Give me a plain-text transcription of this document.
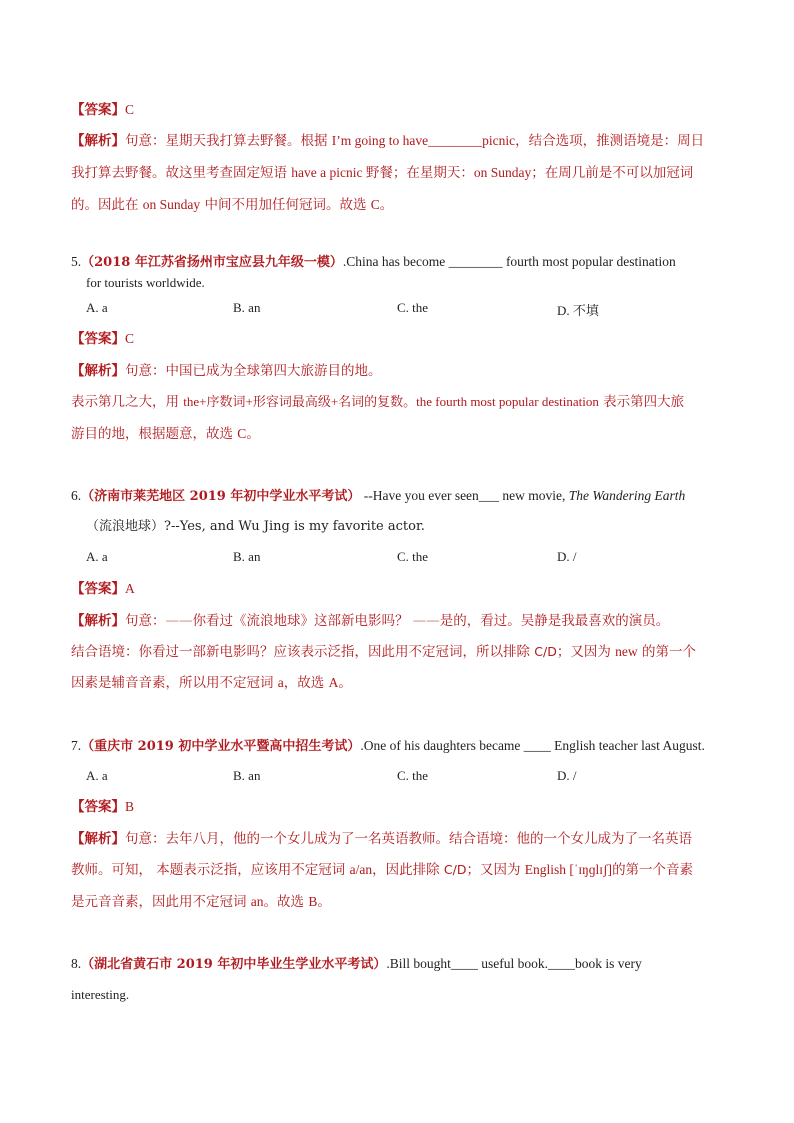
【答案】C
【解析】句意：星期天我打算去野餐。根据 I’m going to have________picnic，结合选项，推测语境是：周日
我打算去野餐。故这里考查固定短语 have a picnic 野餐；在星期天：on Sunday；在周几前是不可以加冠词
的。因此在 on Sunday 中间不用加任何冠词。故选 C。
5.（2018 年江苏省扬州市宝应县九年级一模）.China has become ________ fourth most popular destination
for tourists worldwide.
A. a	B. an	C. the	D. 不填
【答案】C
【解析】句意：中国已成为全球第四大旅游目的地。
表示第几之大，用 the+序数词+形容词最高级+名词的复数。the fourth most popular destination 表示第四大旅
游目的地，根据题意，故选 C。
6.（济南市莱芜地区 2019 年初中学业水平考试） --Have you ever seen___ new movie, The Wandering Earth
（流浪地球）?--Yes, and Wu Jing is my favorite actor.
A. a	B. an	C. the	D. /
【答案】A
【解析】句意：——你看过《流浪地球》这部新电影吗？ ——是的，看过。吴静是我最喜欢的演员。
结合语境：你看过一部新电影吗？应该表示泛指，因此用不定冠词，所以排除 C/D；又因为 new 的第一个
因素是辅音音素，所以用不定冠词 a，故选 A。
7.（重庆市 2019 初中学业水平暨高中招生考试）.One of his daughters became ____ English teacher last August.
A. a	B. an	C. the	D. /
【答案】B
【解析】句意：去年八月，他的一个女儿成为了一名英语教师。结合语境：他的一个女儿成为了一名英语
教师。可知， 本题表示泛指，应该用不定冠词 a/an，因此排除 C/D；又因为 English [ˈɪŋɡlɪʃ]的第一个音素
是元音音素，因此用不定冠词 an。故选 B。
8.（湖北省黄石市 2019 年初中毕业生学业水平考试）.Bill bought____ useful book.____book is very
interesting.
